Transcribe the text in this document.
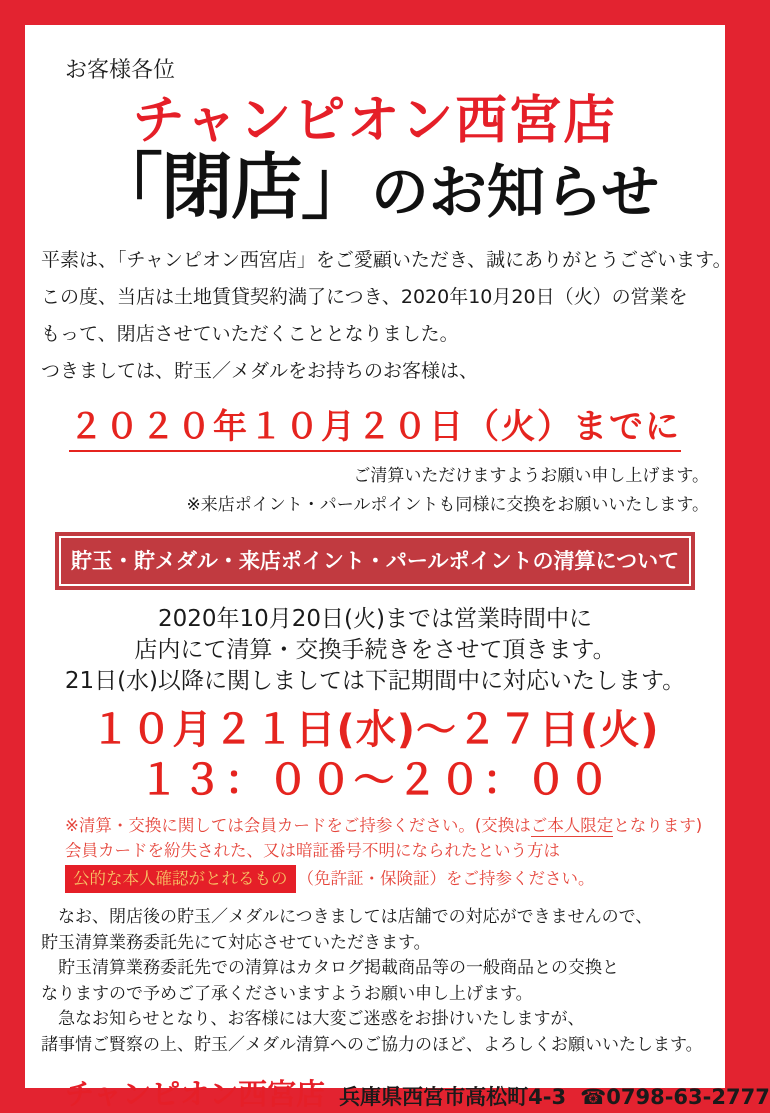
お客様各位
チャンピオン西宮店
「閉店」のお知らせ
平素は、「チャンピオン西宮店」をご愛顧いただき、誠にありがとうございます。
この度、当店は土地賃貸契約満了につき、2020年10月20日（火）の営業を
もって、閉店させていただくこととなりました。
つきましては、貯玉／メダルをお持ちのお客様は、
２０２０年１０月２０日（火）までに
ご清算いただけますようお願い申し上げます。
※来店ポイント・パールポイントも同様に交換をお願いいたします。
貯玉・貯メダル・来店ポイント・パールポイントの清算について
2020年10月20日(火)までは営業時間中に
店内にて清算・交換手続きをさせて頂きます。
21日(水)以降に関しましては下記期間中に対応いたします。
１０月２１日(水)～２７日(火)
１３：００～２０：００
※清算・交換に関しては会員カードをご持参ください。(交換はご本人限定となります)
会員カードを紛失された、又は暗証番号不明になられたという方は
公的な本人確認がとれるもの （免許証・保険証）をご持参ください。
　なお、閉店後の貯玉／メダルにつきましては店舗での対応ができませんので、
貯玉清算業務委託先にて対応させていただきます。
　貯玉清算業務委託先での清算はカタログ掲載商品等の一般商品との交換と
なりますので予めご了承くださいますようお願い申し上げます。
　急なお知らせとなり、お客様には大変ご迷惑をお掛けいたしますが、
諸事情ご賢察の上、貯玉／メダル清算へのご協力のほど、よろしくお願いいたします。
チャンピオン西宮店 兵庫県西宮市高松町4-3 ☎0798-63-2777
